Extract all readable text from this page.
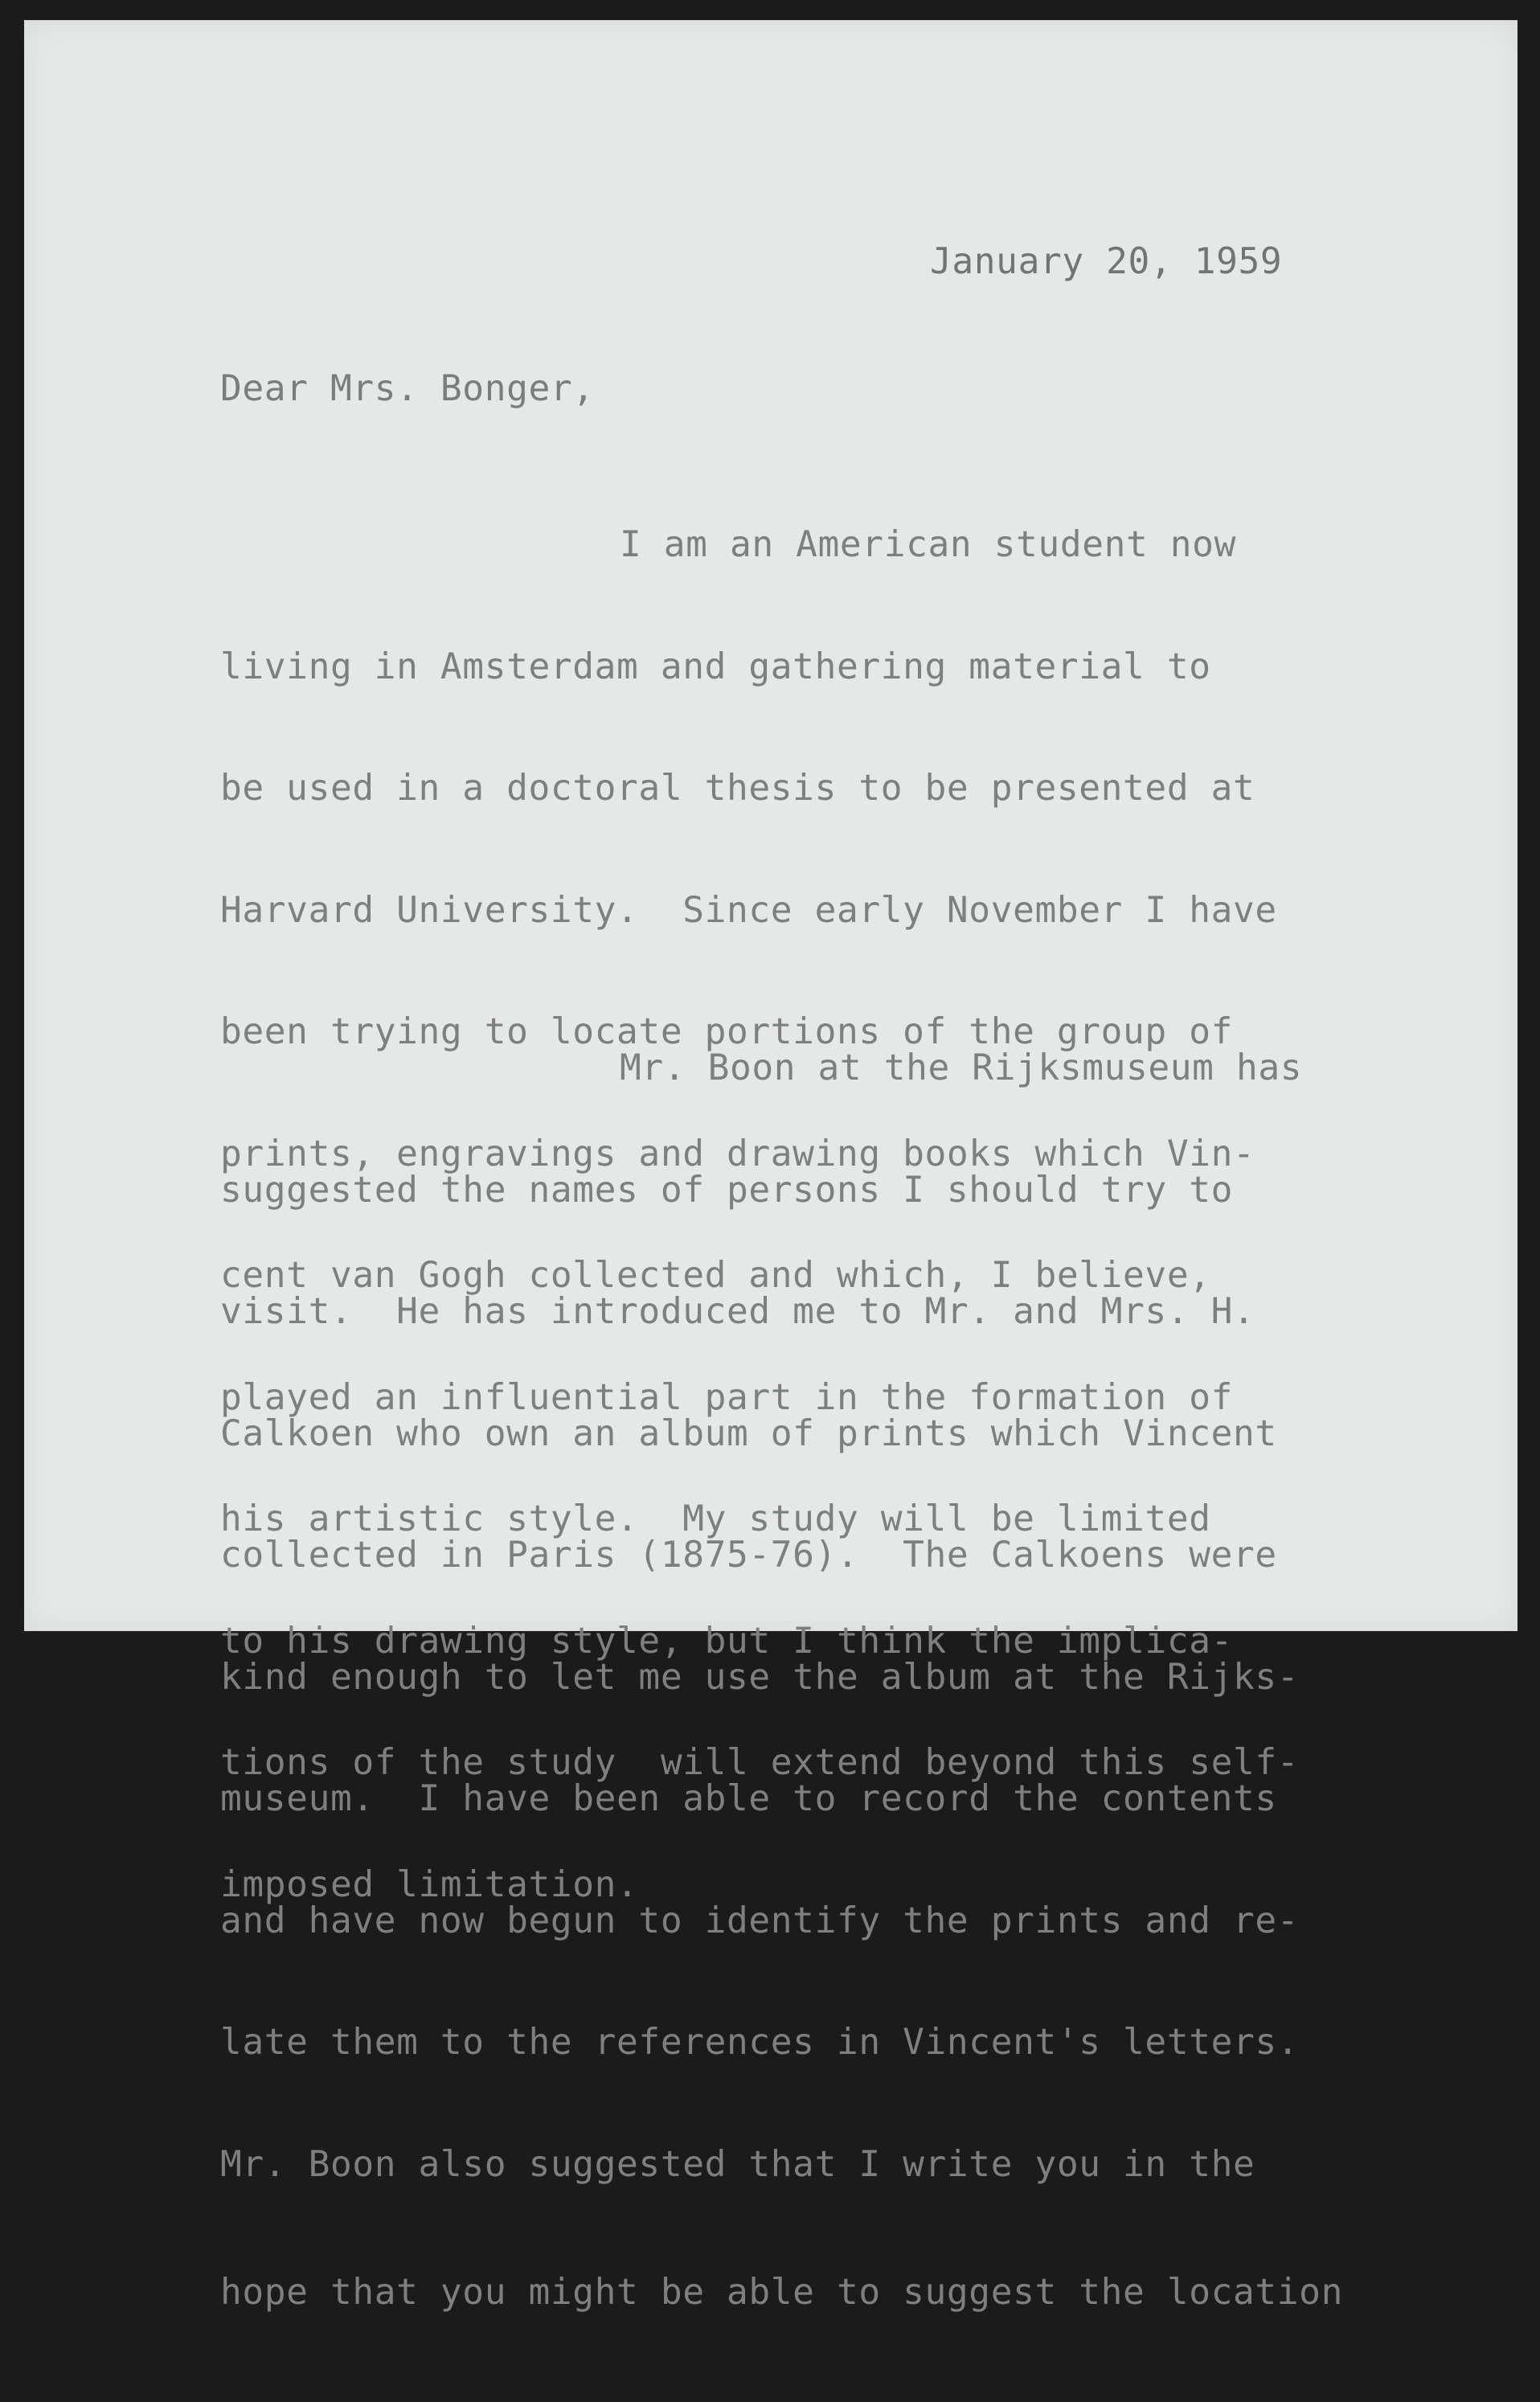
January 20, 1959
Dear Mrs. Bonger,

I am an American student now

living in Amsterdam and gathering material to

be used in a doctoral thesis to be presented at

Harvard University.  Since early November I have

been trying to locate portions of the group of

prints, engravings and drawing books which Vin-

cent van Gogh collected and which, I believe,

played an influential part in the formation of

his artistic style.  My study will be limited

to his drawing style, but I think the implica-

tions of the study  will extend beyond this self-

imposed limitation.

Mr. Boon at the Rijksmuseum has

suggested the names of persons I should try to

visit.  He has introduced me to Mr. and Mrs. H.

Calkoen who own an album of prints which Vincent

collected in Paris (1875-76).  The Calkoens were

kind enough to let me use the album at the Rijks-

museum.  I have been able to record the contents

and have now begun to identify the prints and re-

late them to the references in Vincent's letters.

Mr. Boon also suggested that I write you in the

hope that you might be able to suggest the location
